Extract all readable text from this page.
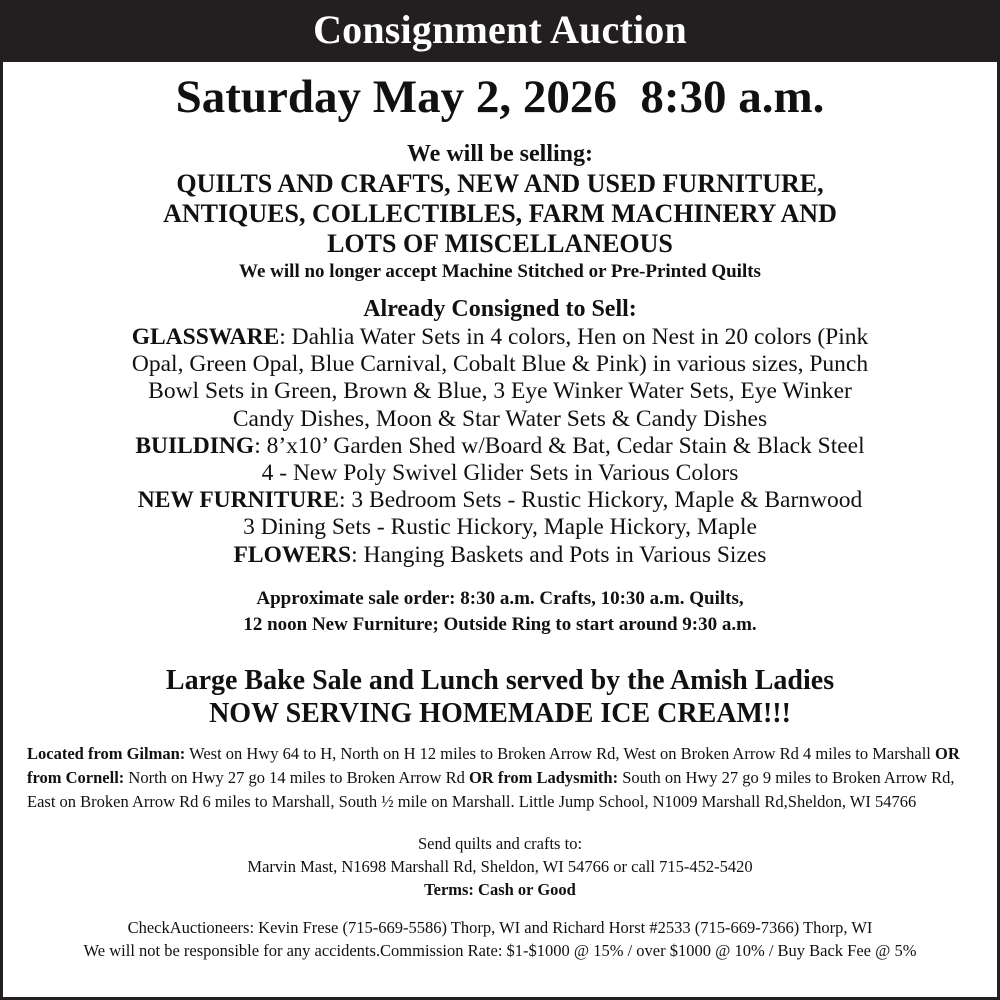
Consignment Auction
Saturday May 2, 2026  8:30 a.m.
We will be selling:
QUILTS AND CRAFTS, NEW AND USED FURNITURE,
ANTIQUES, COLLECTIBLES, FARM MACHINERY AND
LOTS OF MISCELLANEOUS
We will no longer accept Machine Stitched or Pre-Printed Quilts
Already Consigned to Sell:
GLASSWARE: Dahlia Water Sets in 4 colors, Hen on Nest in 20 colors (Pink
Opal, Green Opal, Blue Carnival, Cobalt Blue & Pink) in various sizes, Punch
Bowl Sets in Green, Brown & Blue, 3 Eye Winker Water Sets, Eye Winker
Candy Dishes, Moon & Star Water Sets & Candy Dishes
BUILDING: 8’x10’ Garden Shed w/Board & Bat, Cedar Stain & Black Steel
4 - New Poly Swivel Glider Sets in Various Colors
NEW FURNITURE: 3 Bedroom Sets - Rustic Hickory, Maple & Barnwood
3 Dining Sets - Rustic Hickory, Maple Hickory, Maple
FLOWERS: Hanging Baskets and Pots in Various Sizes
Approximate sale order: 8:30 a.m. Crafts, 10:30 a.m. Quilts,
12 noon New Furniture; Outside Ring to start around 9:30 a.m.
Large Bake Sale and Lunch served by the Amish Ladies
NOW SERVING HOMEMADE ICE CREAM!!!
Located from Gilman: West on Hwy 64 to H, North on H 12 miles to Broken Arrow Rd, West on Broken Arrow Rd 4 miles to Marshall OR from Cornell: North on Hwy 27 go 14 miles to Broken Arrow Rd OR from Ladysmith: South on Hwy 27 go 9 miles to Broken Arrow Rd, East on Broken Arrow Rd 6 miles to Marshall, South ½ mile on Marshall. Little Jump School, N1009 Marshall Rd,Sheldon, WI 54766
Send quilts and crafts to:
Marvin Mast, N1698 Marshall Rd, Sheldon, WI 54766 or call 715-452-5420
Terms: Cash or Good
CheckAuctioneers: Kevin Frese (715-669-5586) Thorp, WI and Richard Horst #2533 (715-669-7366) Thorp, WI
We will not be responsible for any accidents.Commission Rate: $1-$1000 @ 15% / over $1000 @ 10% / Buy Back Fee @ 5%
